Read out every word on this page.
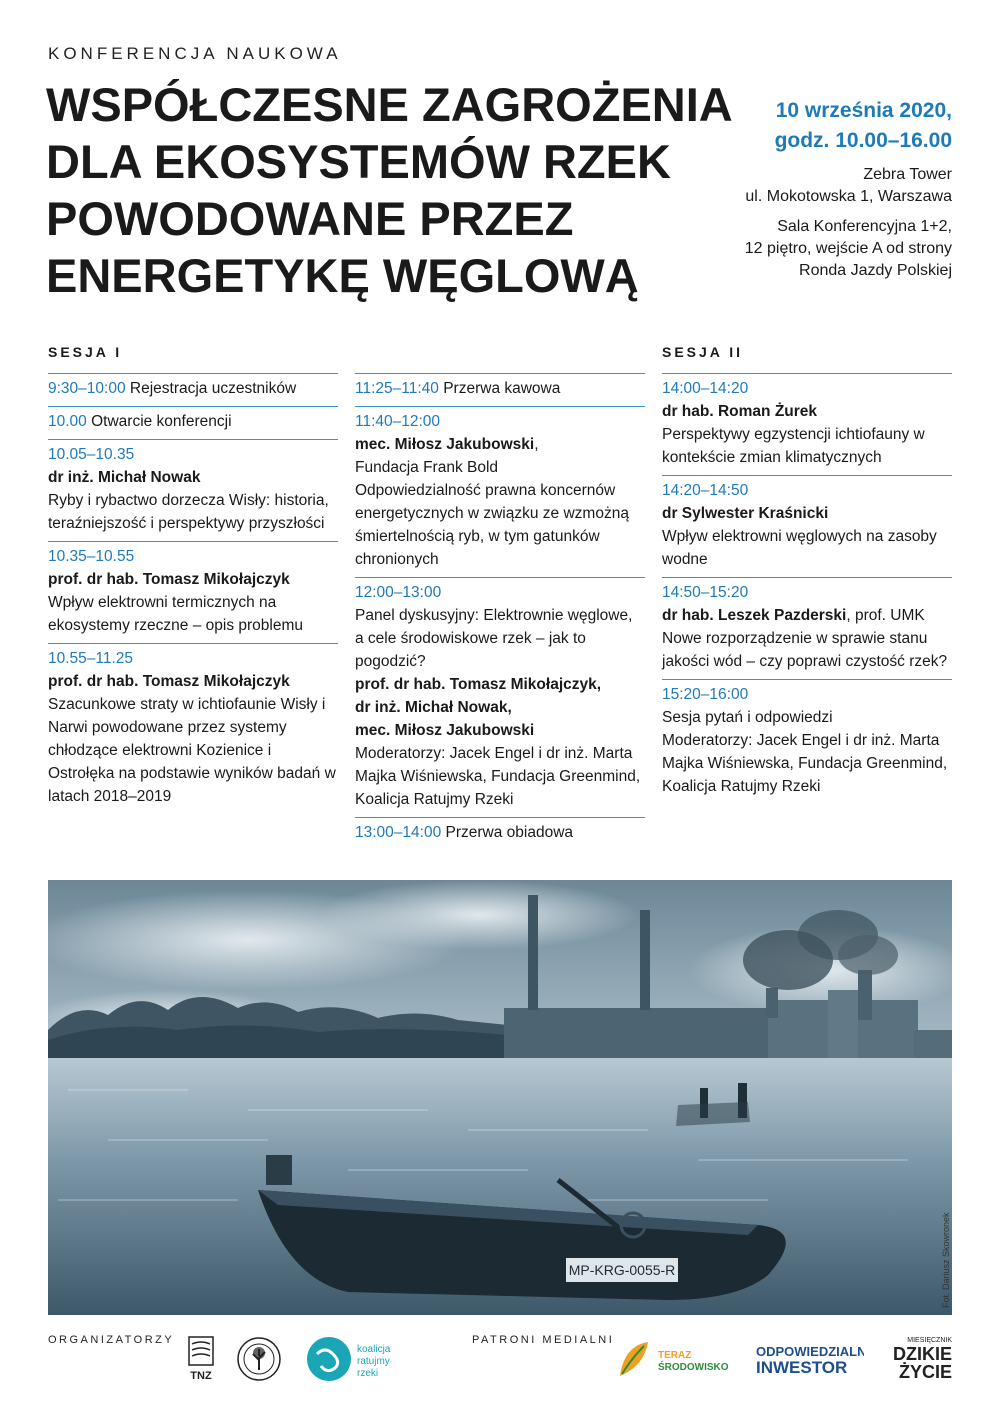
KONFERENCJA NAUKOWA
WSPÓŁCZESNE ZAGROŻENIA
DLA EKOSYSTEMÓW RZEK
POWODOWANE PRZEZ
ENERGETYKĘ WĘGLOWĄ
10 września 2020,
godz. 10.00–16.00
Zebra Tower
ul. Mokotowska 1, Warszawa
Sala Konferencyjna 1+2,
12 piętro, wejście A od strony
Ronda Jazdy Polskiej
SESJA I
9:30–10:00 Rejestracja uczestników
10.00 Otwarcie konferencji
10.05–10.35
dr inż. Michał Nowak
Ryby i rybactwo dorzecza Wisły: historia, teraźniejszość i perspektywy przyszłości
10.35–10.55
prof. dr hab. Tomasz Mikołajczyk
Wpływ elektrowni termicznych na ekosystemy rzeczne – opis problemu
10.55–11.25
prof. dr hab. Tomasz Mikołajczyk
Szacunkowe straty w ichtiofaunie Wisły i Narwi powodowane przez systemy chłodzące elektrowni Kozienice i Ostrołęka na podstawie wyników badań w latach 2018–2019
11:25–11:40 Przerwa kawowa
11:40–12:00
mec. Miłosz Jakubowski,
Fundacja Frank Bold
Odpowiedzialność prawna koncernów energetycznych w związku ze wzmożną śmiertelnością ryb, w tym gatunków chronionych
12:00–13:00
Panel dyskusyjny: Elektrownie węglowe, a cele środowiskowe rzek – jak to pogodzić?
prof. dr hab. Tomasz Mikołajczyk,
dr inż. Michał Nowak,
mec. Miłosz Jakubowski
Moderatorzy: Jacek Engel i dr inż. Marta Majka Wiśniewska, Fundacja Greenmind, Koalicja Ratujmy Rzeki
13:00–14:00 Przerwa obiadowa
SESJA II
14:00–14:20
dr hab. Roman Żurek
Perspektywy egzystencji ichtiofauny w kontekście zmian klimatycznych
14:20–14:50
dr Sylwester Kraśnicki
Wpływ elektrowni węglowych na zasoby wodne
14:50–15:20
dr hab. Leszek Pazderski, prof. UMK
Nowe rozporządzenie w sprawie stanu jakości wód – czy poprawi czystość rzek?
15:20–16:00
Sesja pytań i odpowiedzi
Moderatorzy: Jacek Engel i dr inż. Marta Majka Wiśniewska, Fundacja Greenmind, Koalicja Ratujmy Rzeki
MP-KRG-0055-R	Fot. Dariusz Skowronek
ORGANIZATORZY	PATRONI MEDIALNI
TNZ
koalicja
ratujmy
rzeki
TERAZ
ŚRODOWISKO
ODPOWIEDZIALNY
INWESTOR
MIESIĘCZNIK
DZIKIE
ŻYCIE
